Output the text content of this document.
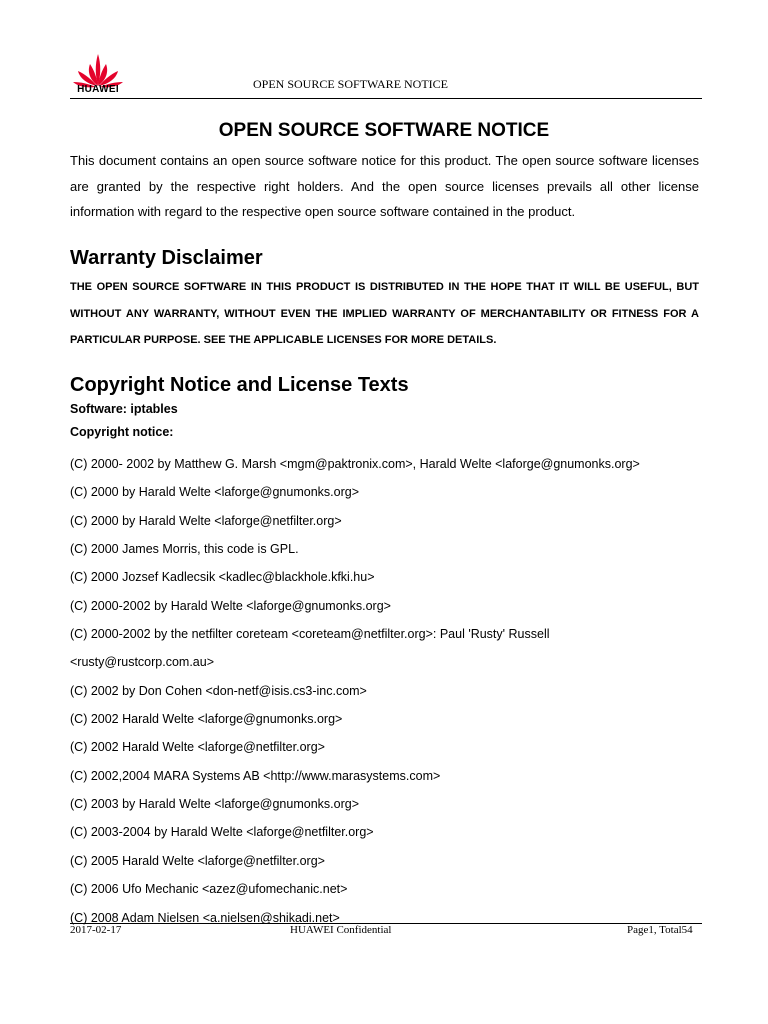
HUAWEI	OPEN SOURCE SOFTWARE NOTICE
OPEN SOURCE SOFTWARE NOTICE

This document contains an open source software notice for this product. The open source software licenses are granted by the respective right holders. And the open source licenses prevails all other license information with regard to the respective open source software contained in the product.

Warranty Disclaimer
THE OPEN SOURCE SOFTWARE IN THIS PRODUCT IS DISTRIBUTED IN THE HOPE THAT IT WILL BE USEFUL, BUT WITHOUT ANY WARRANTY, WITHOUT EVEN THE IMPLIED WARRANTY OF MERCHANTABILITY OR FITNESS FOR A PARTICULAR PURPOSE. SEE THE APPLICABLE LICENSES FOR MORE DETAILS.
Copyright Notice and License Texts
Software: iptables
Copyright notice:
(C) 2000- 2002 by Matthew G. Marsh <mgm@paktronix.com>, Harald Welte <laforge@gnumonks.org>
(C) 2000 by Harald Welte <laforge@gnumonks.org>
(C) 2000 by Harald Welte <laforge@netfilter.org>
(C) 2000 James Morris, this code is GPL.
(C) 2000 Jozsef Kadlecsik <kadlec@blackhole.kfki.hu>
(C) 2000-2002 by Harald Welte <laforge@gnumonks.org>
(C) 2000-2002 by the netfilter coreteam <coreteam@netfilter.org>: Paul 'Rusty' Russell
<rusty@rustcorp.com.au>
(C) 2002 by Don Cohen <don-netf@isis.cs3-inc.com>
(C) 2002 Harald Welte <laforge@gnumonks.org>
(C) 2002 Harald Welte <laforge@netfilter.org>
(C) 2002,2004 MARA Systems AB <http://www.marasystems.com>
(C) 2003 by Harald Welte <laforge@gnumonks.org>
(C) 2003-2004 by Harald Welte <laforge@netfilter.org>
(C) 2005 Harald Welte <laforge@netfilter.org>
(C) 2006 Ufo Mechanic <azez@ufomechanic.net>
(C) 2008 Adam Nielsen <a.nielsen@shikadi.net>
2017-02-17	HUAWEI Confidential	Page1, Total54
